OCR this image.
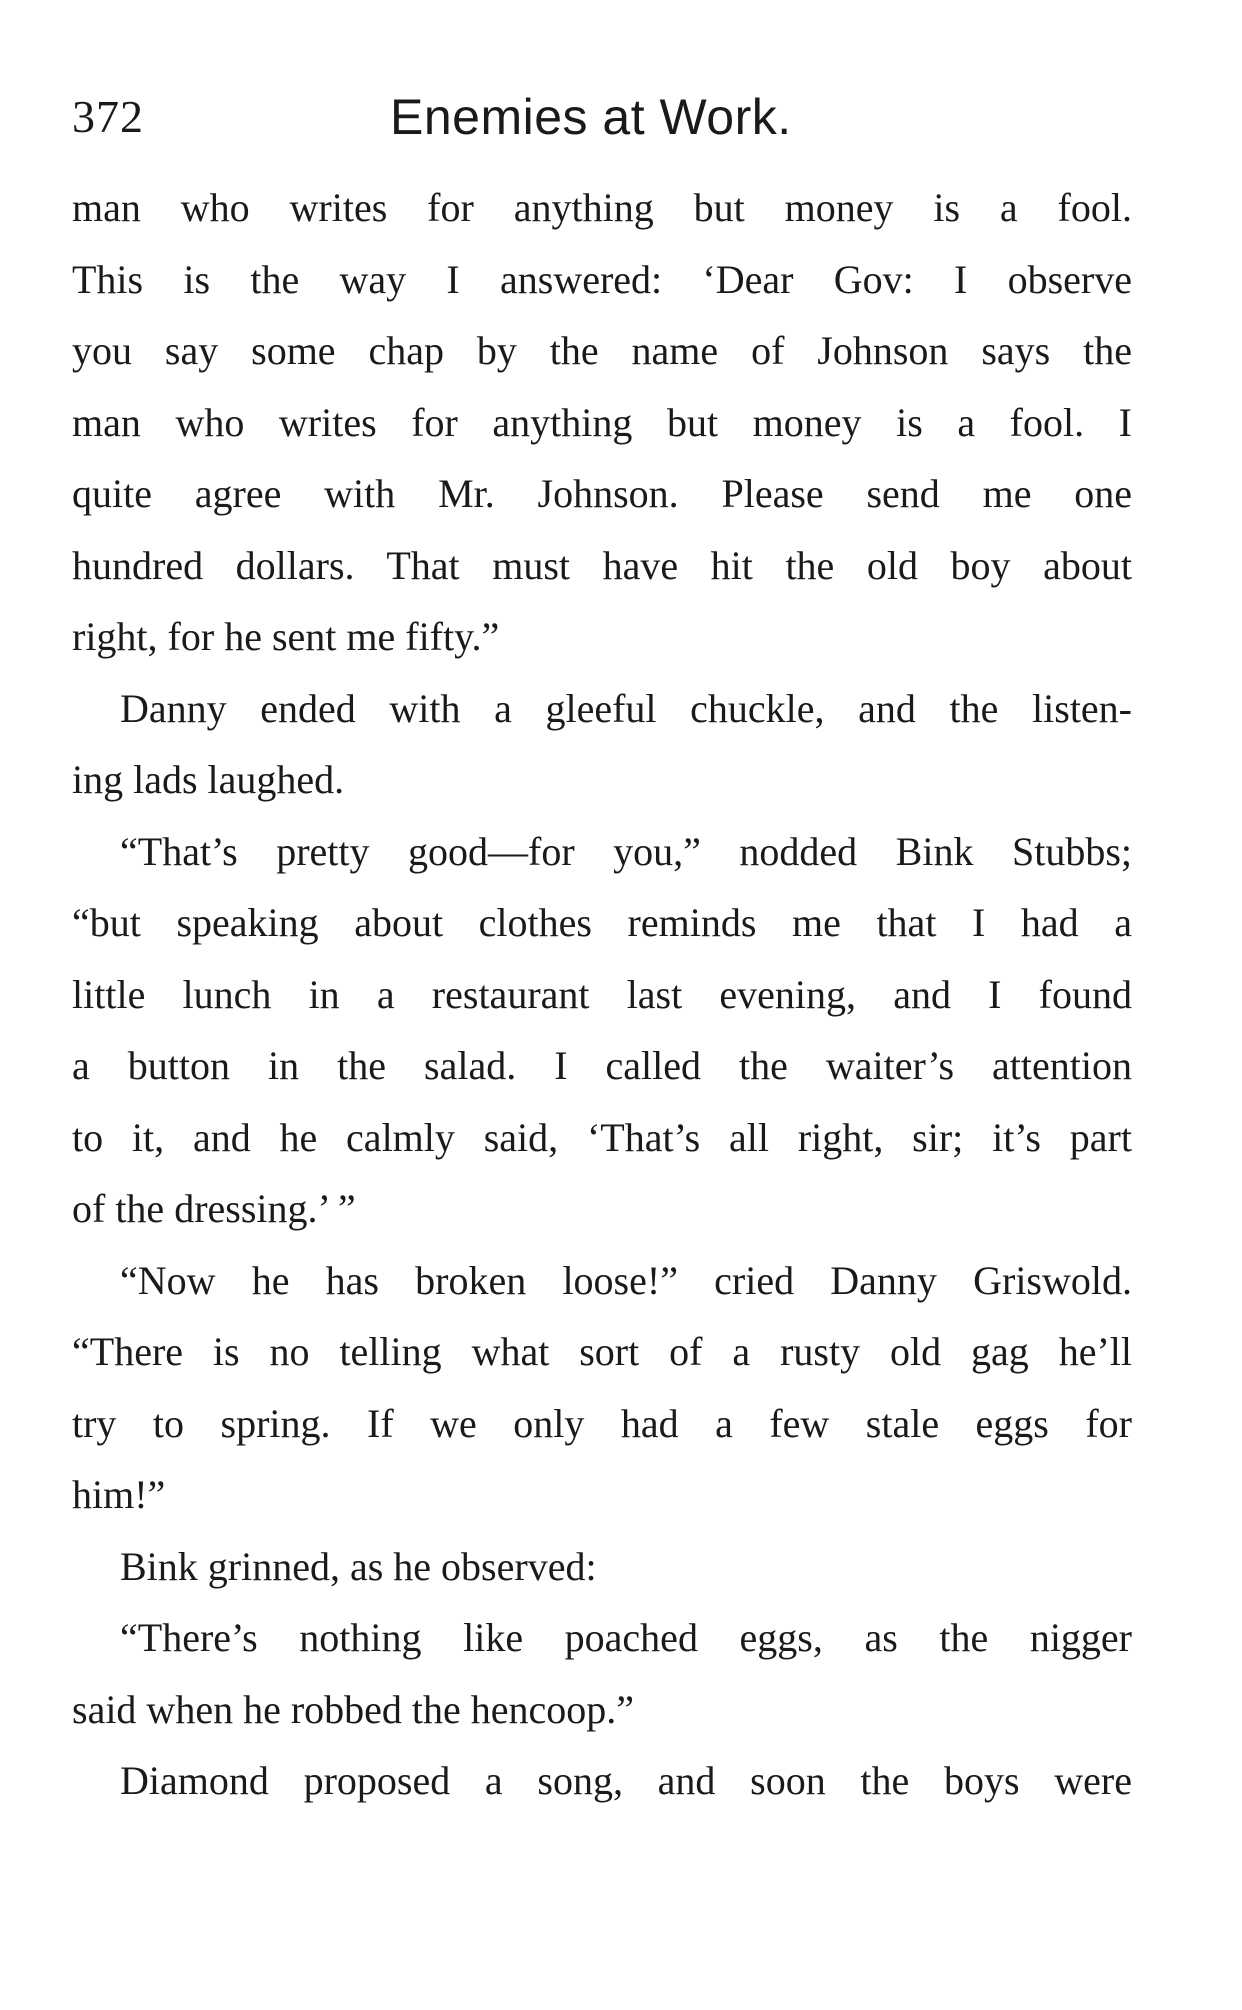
372	Enemies at Work.
man who writes for anything but money is a fool.
This is the way I answered: ‘Dear Gov: I observe
you say some chap by the name of Johnson says the
man who writes for anything but money is a fool. I
quite agree with Mr. Johnson. Please send me one
hundred dollars. That must have hit the old boy about
right, for he sent me fifty.”
Danny ended with a gleeful chuckle, and the listen-
ing lads laughed.
“That’s pretty good—for you,” nodded Bink Stubbs;
“but speaking about clothes reminds me that I had a
little lunch in a restaurant last evening, and I found
a button in the salad. I called the waiter’s attention
to it, and he calmly said, ‘That’s all right, sir; it’s part
of the dressing.’ ”
“Now he has broken loose!” cried Danny Griswold.
“There is no telling what sort of a rusty old gag he’ll
try to spring. If we only had a few stale eggs for
him!”
Bink grinned, as he observed:
“There’s nothing like poached eggs, as the nigger
said when he robbed the hencoop.”
Diamond proposed a song, and soon the boys were
